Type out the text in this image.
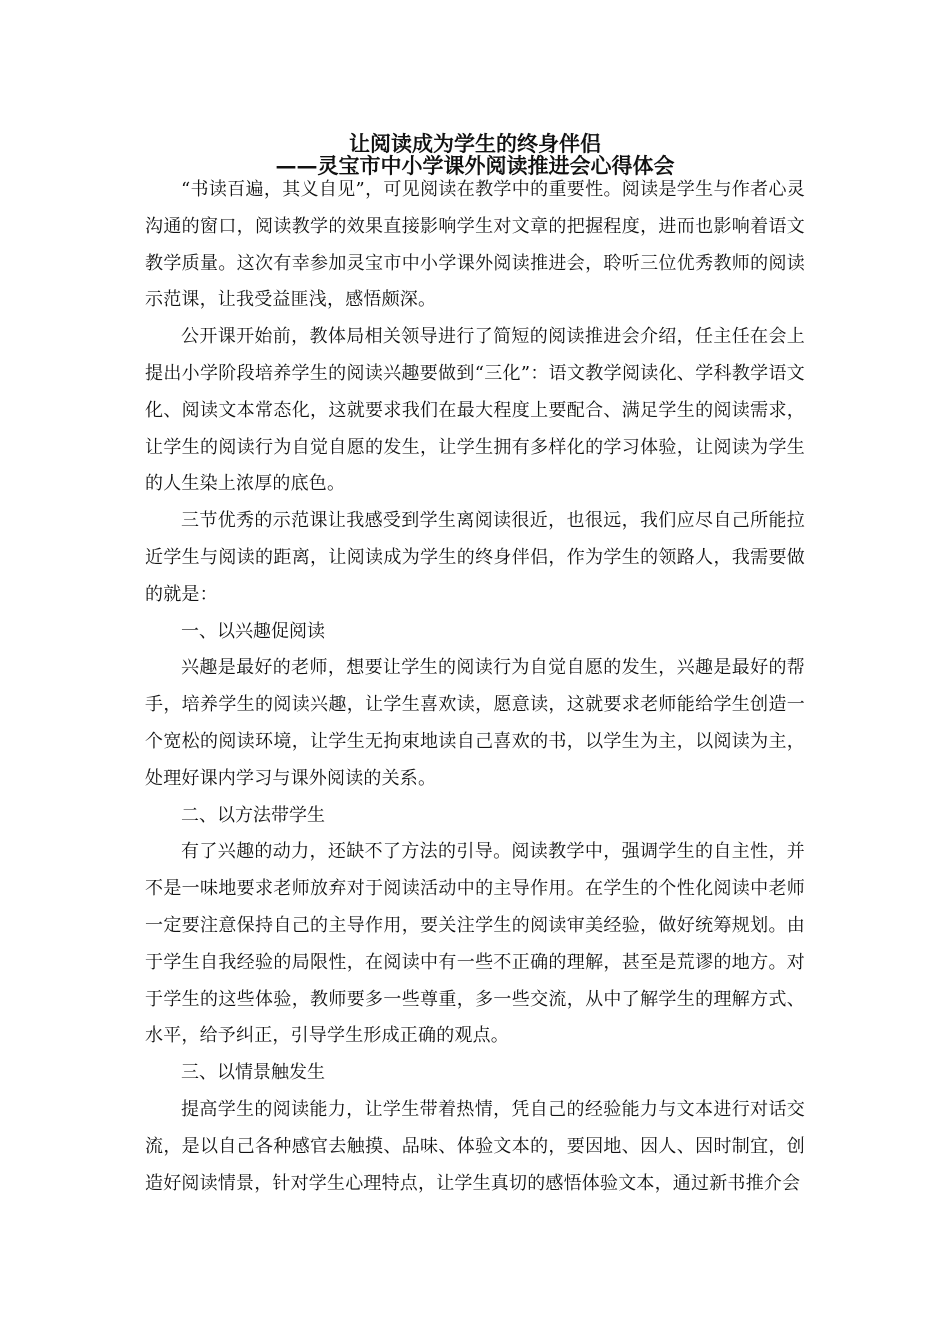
让阅读成为学生的终身伴侣
——灵宝市中小学课外阅读推进会心得体会

“书读百遍，其义自见”，可见阅读在教学中的重要性。阅读是学生与作者心灵沟通的窗口，阅读教学的效果直接影响学生对文章的把握程度，进而也影响着语文教学质量。这次有幸参加灵宝市中小学课外阅读推进会，聆听三位优秀教师的阅读示范课，让我受益匪浅，感悟颇深。

公开课开始前，教体局相关领导进行了简短的阅读推进会介绍，任主任在会上提出小学阶段培养学生的阅读兴趣要做到“三化”：语文教学阅读化、学科教学语文化、阅读文本常态化，这就要求我们在最大程度上要配合、满足学生的阅读需求，让学生的阅读行为自觉自愿的发生，让学生拥有多样化的学习体验，让阅读为学生的人生染上浓厚的底色。

三节优秀的示范课让我感受到学生离阅读很近，也很远，我们应尽自己所能拉近学生与阅读的距离，让阅读成为学生的终身伴侣，作为学生的领路人，我需要做的就是：

一、以兴趣促阅读

兴趣是最好的老师，想要让学生的阅读行为自觉自愿的发生，兴趣是最好的帮手，培养学生的阅读兴趣，让学生喜欢读，愿意读，这就要求老师能给学生创造一个宽松的阅读环境，让学生无拘束地读自己喜欢的书，以学生为主，以阅读为主，处理好课内学习与课外阅读的关系。

二、以方法带学生

有了兴趣的动力，还缺不了方法的引导。阅读教学中，强调学生的自主性，并不是一味地要求老师放弃对于阅读活动中的主导作用。在学生的个性化阅读中老师一定要注意保持自己的主导作用，要关注学生的阅读审美经验，做好统筹规划。由于学生自我经验的局限性，在阅读中有一些不正确的理解，甚至是荒谬的地方。对于学生的这些体验，教师要多一些尊重，多一些交流，从中了解学生的理解方式、水平，给予纠正，引导学生形成正确的观点。

三、以情景触发生

提高学生的阅读能力，让学生带着热情，凭自己的经验能力与文本进行对话交流，是以自己各种感官去触摸、品味、体验文本的，要因地、因人、因时制宜，创造好阅读情景，针对学生心理特点，让学生真切的感悟体验文本，通过新书推介会
